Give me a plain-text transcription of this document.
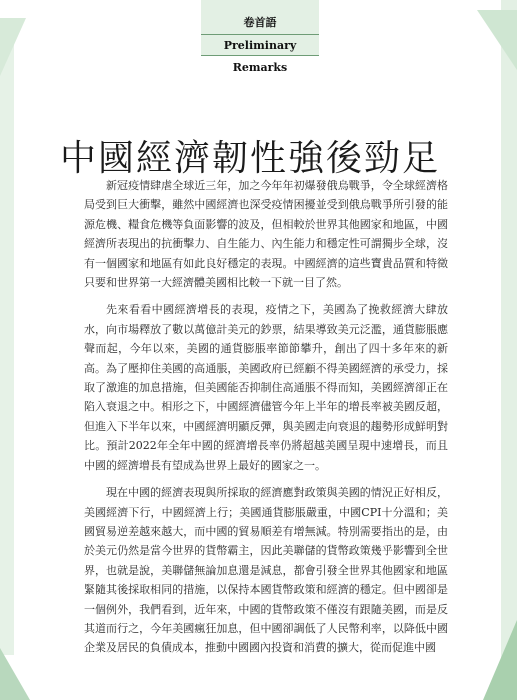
卷首語
Preliminary Remarks
中國經濟韌性強後勁足

新冠疫情肆虐全球近三年，加之今年年初爆發俄烏戰爭，令全球經濟格局受到巨大衝擊，雖然中國經濟也深受疫情困擾並受到俄烏戰爭所引發的能源危機、糧食危機等負面影響的波及，但相較於世界其他國家和地區，中國經濟所表現出的抗衝擊力、自生能力、內生能力和穩定性可謂獨步全球，沒有一個國家和地區有如此良好穩定的表現。中國經濟的這些寶貴品質和特徵只要和世界第一大經濟體美國相比較一下就一目了然。

先來看看中國經濟增長的表現，疫情之下，美國為了挽救經濟大肆放水，向市場釋放了數以萬億計美元的鈔票，結果導致美元泛濫，通貨膨脹應聲而起，今年以來，美國的通貨膨脹率節節攀升，創出了四十多年來的新高。為了壓抑住美國的高通脹，美國政府已經顧不得美國經濟的承受力，採取了激進的加息措施，但美國能否抑制住高通脹不得而知，美國經濟卻正在陷入衰退之中。相形之下，中國經濟儘管今年上半年的增長率被美國反超，但進入下半年以來，中國經濟明顯反彈，與美國走向衰退的趨勢形成鮮明對比。預計2022年全年中國的經濟增長率仍將超越美國呈現中速增長，而且中國的經濟增長有望成為世界上最好的國家之一。

現在中國的經濟表現與所採取的經濟應對政策與美國的情況正好相反，美國經濟下行，中國經濟上行；美國通貨膨脹嚴重，中國CPI十分溫和；美國貿易逆差越來越大，而中國的貿易順差有增無減。特別需要指出的是，由於美元仍然是當今世界的貨幣霸主，因此美聯儲的貨幣政策幾乎影響到全世界，也就是說，美聯儲無論加息還是減息，都會引發全世界其他國家和地區緊隨其後採取相同的措施，以保持本國貨幣政策和經濟的穩定。但中國卻是一個例外，我們看到，近年來，中國的貨幣政策不僅沒有跟隨美國，而是反其道而行之，今年美國瘋狂加息，但中國卻調低了人民幣利率，以降低中國企業及居民的負債成本，推動中國國內投資和消費的擴大，從而促進中國
